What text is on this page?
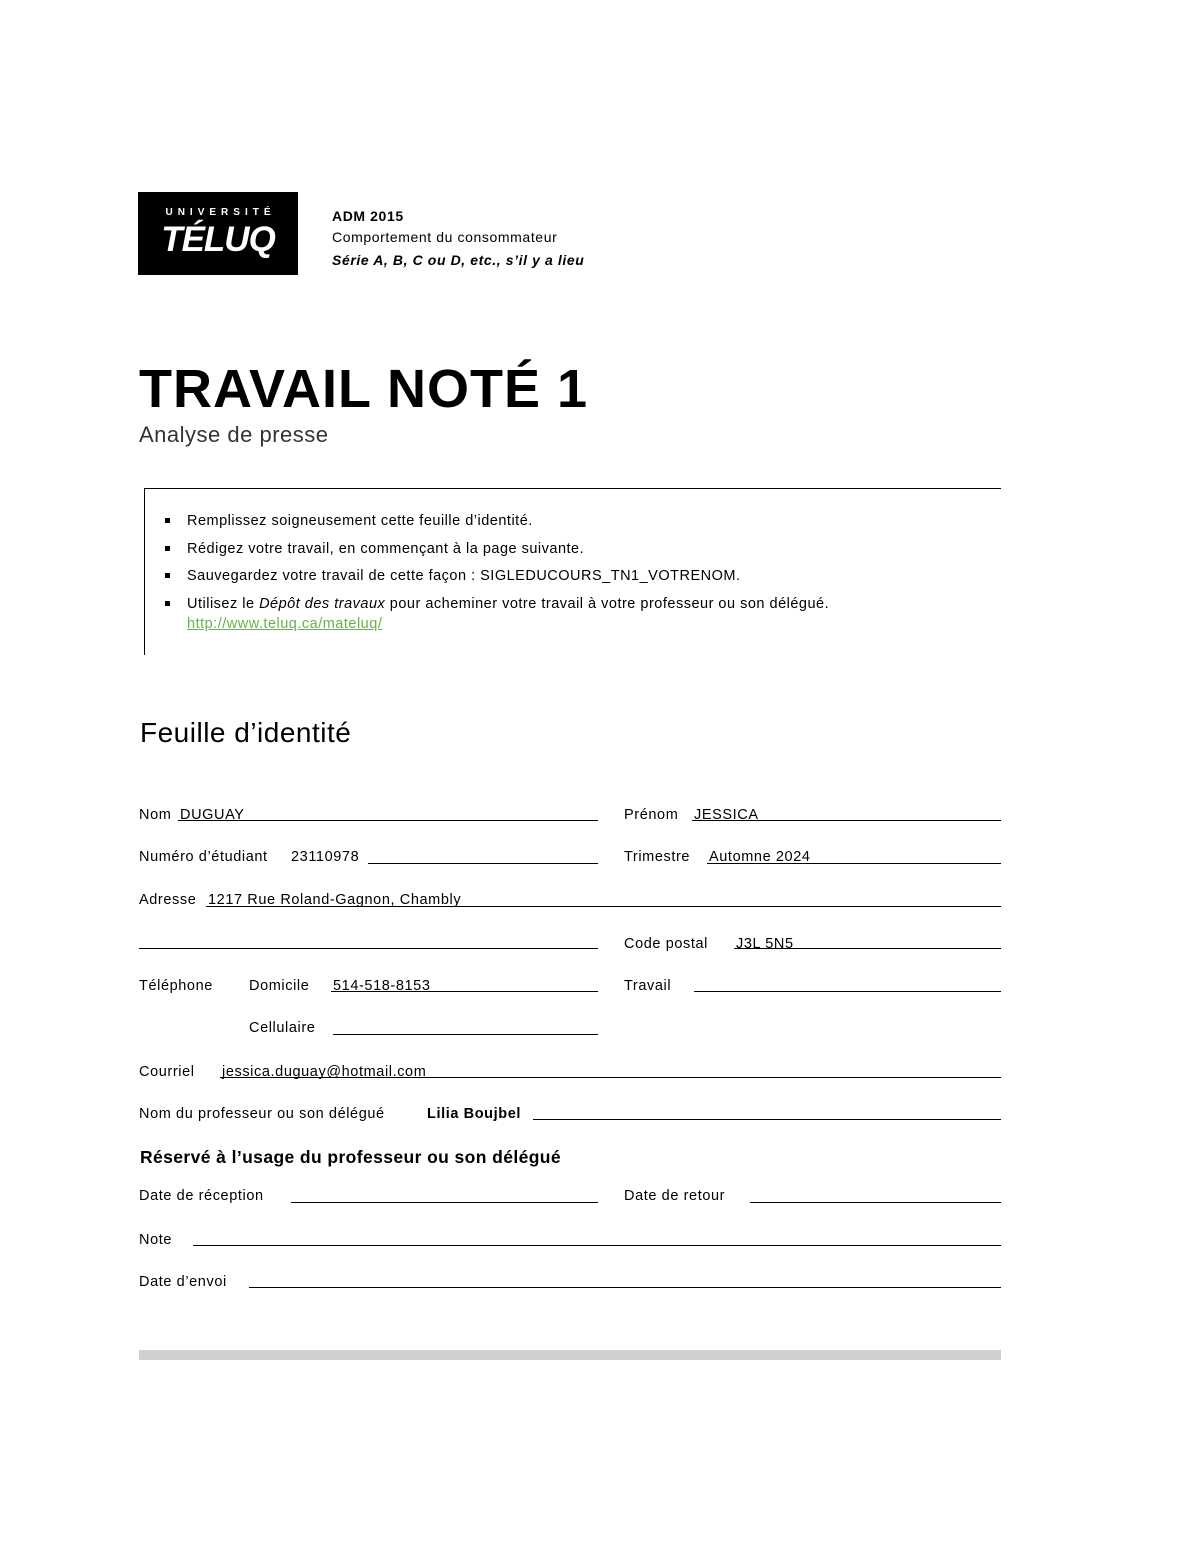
UNIVERSITÉ
TÉLUQ
ADM 2015
Comportement du consommateur
Série A, B, C ou D, etc., s’il y a lieu
TRAVAIL NOTÉ 1
Analyse de presse
Remplissez soigneusement cette feuille d’identité.
Rédigez votre travail, en commençant à la page suivante.
Sauvegardez votre travail de cette façon : SIGLEDUCOURS_TN1_VOTRENOM.
Utilisez le Dépôt des travaux pour acheminer votre travail à votre professeur ou son délégué.
http://www.teluq.ca/mateluq/
Feuille d’identité
Nom DUGUAY	Prénom JESSICA
Numéro d’étudiant 23110978	Trimestre Automne 2024
Adresse 1217 Rue Roland-Gagnon, Chambly
Code postal J3L 5N5
Téléphone Domicile 514-518-8153	Travail
Cellulaire
Courriel jessica.duguay@hotmail.com
Nom du professeur ou son délégué	Lilia Boujbel
Réservé à l’usage du professeur ou son délégué
Date de réception	Date de retour
Note
Date d’envoi
